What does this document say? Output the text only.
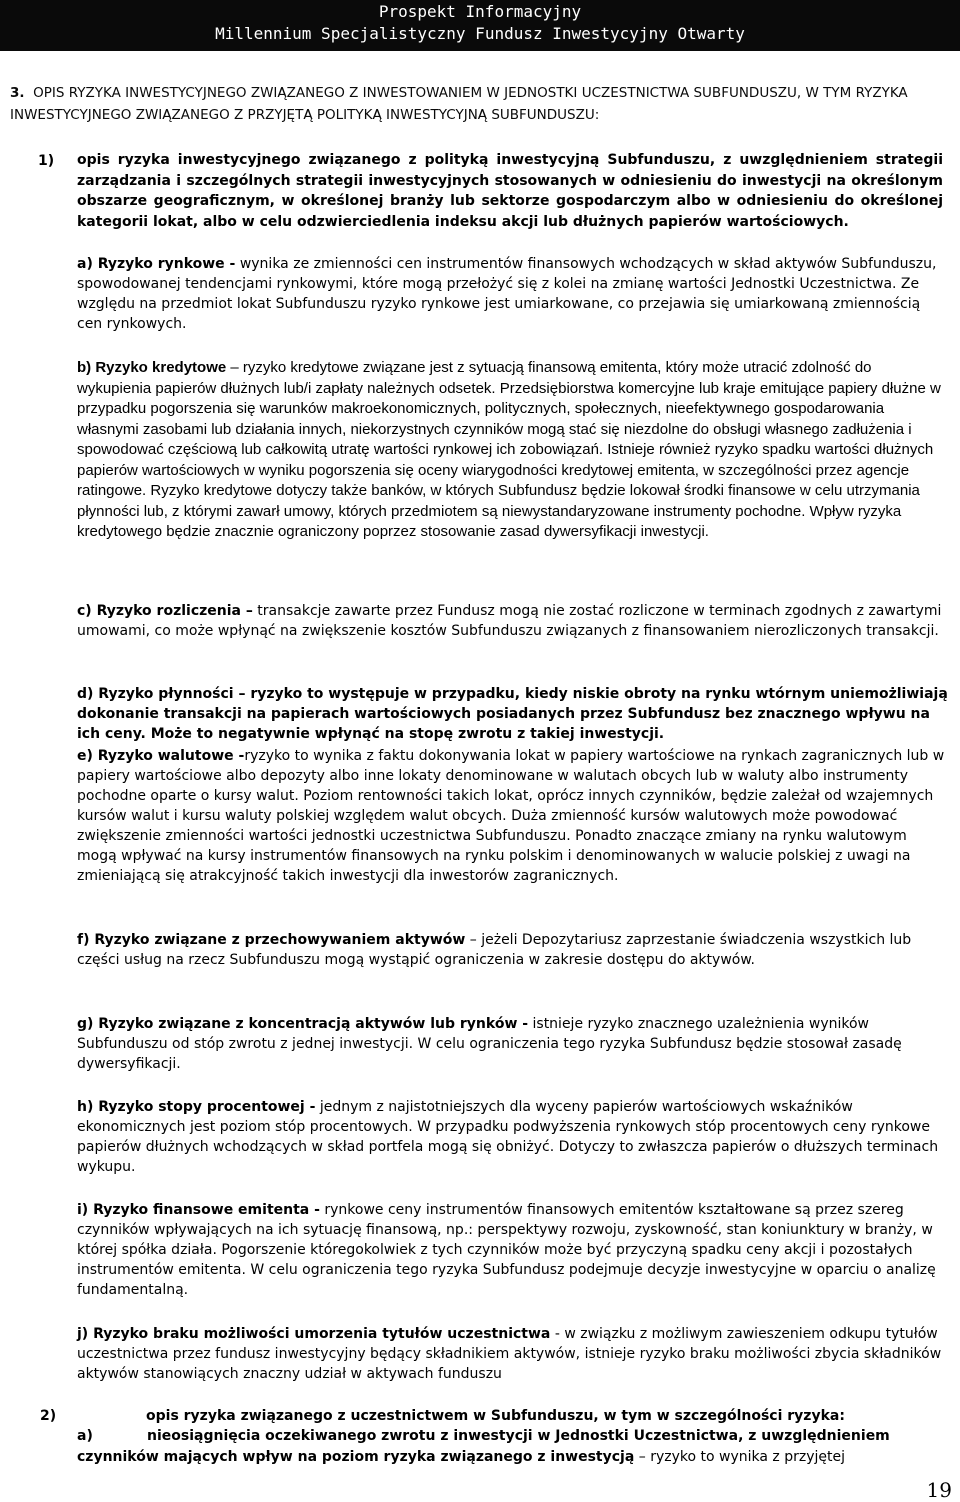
Prospekt Informacyjny
Millennium Specjalistyczny Fundusz Inwestycyjny Otwarty
3. OPIS RYZYKA INWESTYCYJNEGO ZWIĄZANEGO Z INWESTOWANIEM W JEDNOSTKI UCZESTNICTWA SUBFUNDUSZU, W TYM RYZYKA INWESTYCYJNEGO ZWIĄZANEGO Z PRZYJĘTĄ POLITYKĄ INWESTYCYJNĄ SUBFUNDUSZU:
1) opis ryzyka inwestycyjnego związanego z polityką inwestycyjną Subfunduszu, z uwzględnieniem strategii zarządzania i szczególnych strategii inwestycyjnych stosowanych w odniesieniu do inwestycji na określonym obszarze geograficznym, w określonej branży lub sektorze gospodarczym albo w odniesieniu do określonej kategorii lokat, albo w celu odzwierciedlenia indeksu akcji lub dłużnych papierów wartościowych.
a) Ryzyko rynkowe - wynika ze zmienności cen instrumentów finansowych wchodzących w skład aktywów Subfunduszu, spowodowanej tendencjami rynkowymi, które mogą przełożyć się z kolei na zmianę wartości Jednostki Uczestnictwa. Ze względu na przedmiot lokat Subfunduszu ryzyko rynkowe jest umiarkowane, co przejawia się umiarkowaną zmiennością cen rynkowych.
b) Ryzyko kredytowe – ryzyko kredytowe związane jest z sytuacją finansową emitenta, który może utracić zdolność do wykupienia papierów dłużnych lub/i zapłaty należnych odsetek. Przedsiębiorstwa komercyjne lub kraje emitujące papiery dłużne w przypadku pogorszenia się warunków makroekonomicznych, politycznych, społecznych, nieefektywnego gospodarowania własnymi zasobami lub działania innych, niekorzystnych czynników mogą stać się niezdolne do obsługi własnego zadłużenia i spowodować częściową lub całkowitą utratę wartości rynkowej ich zobowiązań. Istnieje również ryzyko spadku wartości dłużnych papierów wartościowych w wyniku pogorszenia się oceny wiarygodności kredytowej emitenta, w szczególności przez agencje ratingowe. Ryzyko kredytowe dotyczy także banków, w których Subfundusz będzie lokował środki finansowe w celu utrzymania płynności lub, z którymi zawarł umowy, których przedmiotem są niewystandaryzowane instrumenty pochodne. Wpływ ryzyka kredytowego będzie znacznie ograniczony poprzez stosowanie zasad dywersyfikacji inwestycji.
c) Ryzyko rozliczenia – transakcje zawarte przez Fundusz mogą nie zostać rozliczone w terminach zgodnych z zawartymi umowami, co może wpłynąć na zwiększenie kosztów Subfunduszu związanych z finansowaniem nierozliczonych transakcji.
d) Ryzyko płynności – ryzyko to występuje w przypadku, kiedy niskie obroty na rynku wtórnym uniemożliwiają dokonanie transakcji na papierach wartościowych posiadanych przez Subfundusz bez znacznego wpływu na ich ceny. Może to negatywnie wpłynąć na stopę zwrotu z takiej inwestycji.
e) Ryzyko walutowe -ryzyko to wynika z faktu dokonywania lokat w papiery wartościowe na rynkach zagranicznych lub w papiery wartościowe albo depozyty albo inne lokaty denominowane w walutach obcych lub w waluty albo instrumenty pochodne oparte o kursy walut. Poziom rentowności takich lokat, oprócz innych czynników, będzie zależał od wzajemnych kursów walut i kursu waluty polskiej względem walut obcych. Duża zmienność kursów walutowych może powodować zwiększenie zmienności wartości jednostki uczestnictwa Subfunduszu. Ponadto znaczące zmiany na rynku walutowym mogą wpływać na kursy instrumentów finansowych na rynku polskim i denominowanych w walucie polskiej z uwagi na zmieniającą się atrakcyjność takich inwestycji dla inwestorów zagranicznych.
f) Ryzyko związane z przechowywaniem aktywów – jeżeli Depozytariusz zaprzestanie świadczenia wszystkich lub części usług na rzecz Subfunduszu mogą wystąpić ograniczenia w zakresie dostępu do aktywów.
g) Ryzyko związane z koncentracją aktywów lub rynków - istnieje ryzyko znacznego uzależnienia wyników Subfunduszu od stóp zwrotu z jednej inwestycji. W celu ograniczenia tego ryzyka Subfundusz będzie stosował zasadę dywersyfikacji.
h) Ryzyko stopy procentowej - jednym z najistotniejszych dla wyceny papierów wartościowych wskaźników ekonomicznych jest poziom stóp procentowych. W przypadku podwyższenia rynkowych stóp procentowych ceny rynkowe papierów dłużnych wchodzących w skład portfela mogą się obniżyć. Dotyczy to zwłaszcza papierów o dłuższych terminach wykupu.
i) Ryzyko finansowe emitenta - rynkowe ceny instrumentów finansowych emitentów kształtowane są przez szereg czynników wpływających na ich sytuację finansową, np.: perspektywy rozwoju, zyskowność, stan koniunktury w branży, w której spółka działa. Pogorszenie któregokolwiek z tych czynników może być przyczyną spadku ceny akcji i pozostałych instrumentów emitenta. W celu ograniczenia tego ryzyka Subfundusz podejmuje decyzje inwestycyjne w oparciu o analizę fundamentalną.
j) Ryzyko braku możliwości umorzenia tytułów uczestnictwa - w związku z możliwym zawieszeniem odkupu tytułów uczestnictwa przez fundusz inwestycyjny będący składnikiem aktywów, istnieje ryzyko braku możliwości zbycia składników aktywów stanowiących znaczny udział w aktywach funduszu
2)	opis ryzyka związanego z uczestnictwem w Subfunduszu, w tym w szczególności ryzyka:
a)	nieosiągnięcia oczekiwanego zwrotu z inwestycji w Jednostki Uczestnictwa, z uwzględnieniem czynników mających wpływ na poziom ryzyka związanego z inwestycją – ryzyko to wynika z przyjętej
19
